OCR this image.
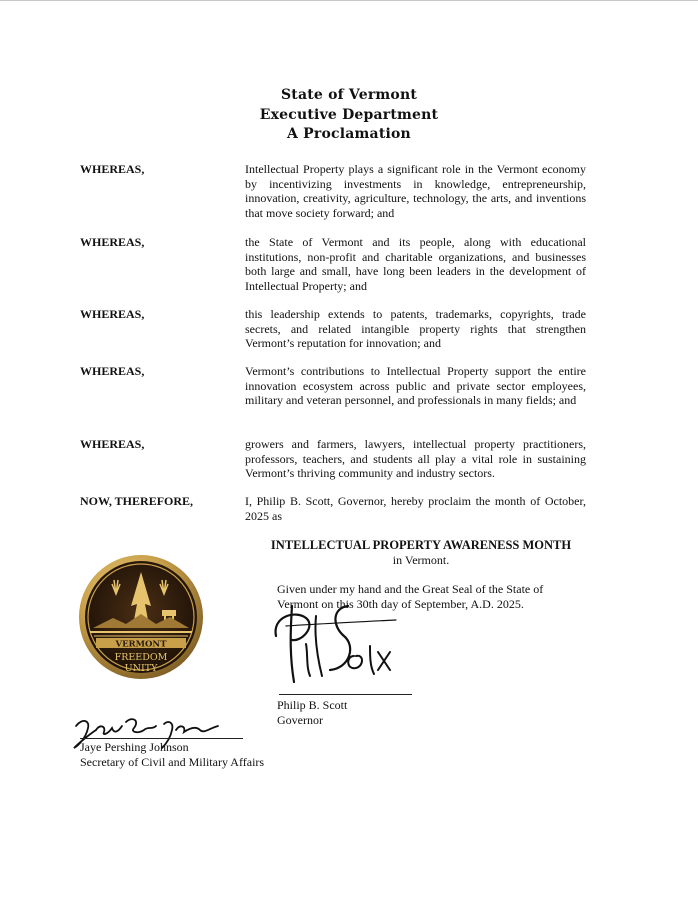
State of Vermont
Executive Department
A Proclamation
WHEREAS,	Intellectual Property plays a significant role in the Vermont economy by incentivizing investments in knowledge, entrepreneurship, innovation, creativity, agriculture, technology, the arts, and inventions that move society forward; and
WHEREAS,	the State of Vermont and its people, along with educational institutions, non-profit and charitable organizations, and businesses both large and small, have long been leaders in the development of Intellectual Property; and
WHEREAS,	this leadership extends to patents, trademarks, copyrights, trade secrets, and related intangible property rights that strengthen Vermont’s reputation for innovation; and
WHEREAS,	Vermont’s contributions to Intellectual Property support the entire innovation ecosystem across public and private sector employees, military and veteran personnel, and professionals in many fields; and
WHEREAS,	growers and farmers, lawyers, intellectual property practitioners, professors, teachers, and students all play a vital role in sustaining Vermont’s thriving community and industry sectors.
NOW, THEREFORE,	I, Philip B. Scott, Governor, hereby proclaim the month of October, 2025 as
INTELLECTUAL PROPERTY AWARENESS MONTH
in Vermont.
Given under my hand and the Great Seal of the State of
Vermont on this 30th day of September, A.D. 2025.
VERMONT
FREEDOM
UNITY
Philip B. Scott
Governor
Jaye Pershing Johnson
Secretary of Civil and Military Affairs
